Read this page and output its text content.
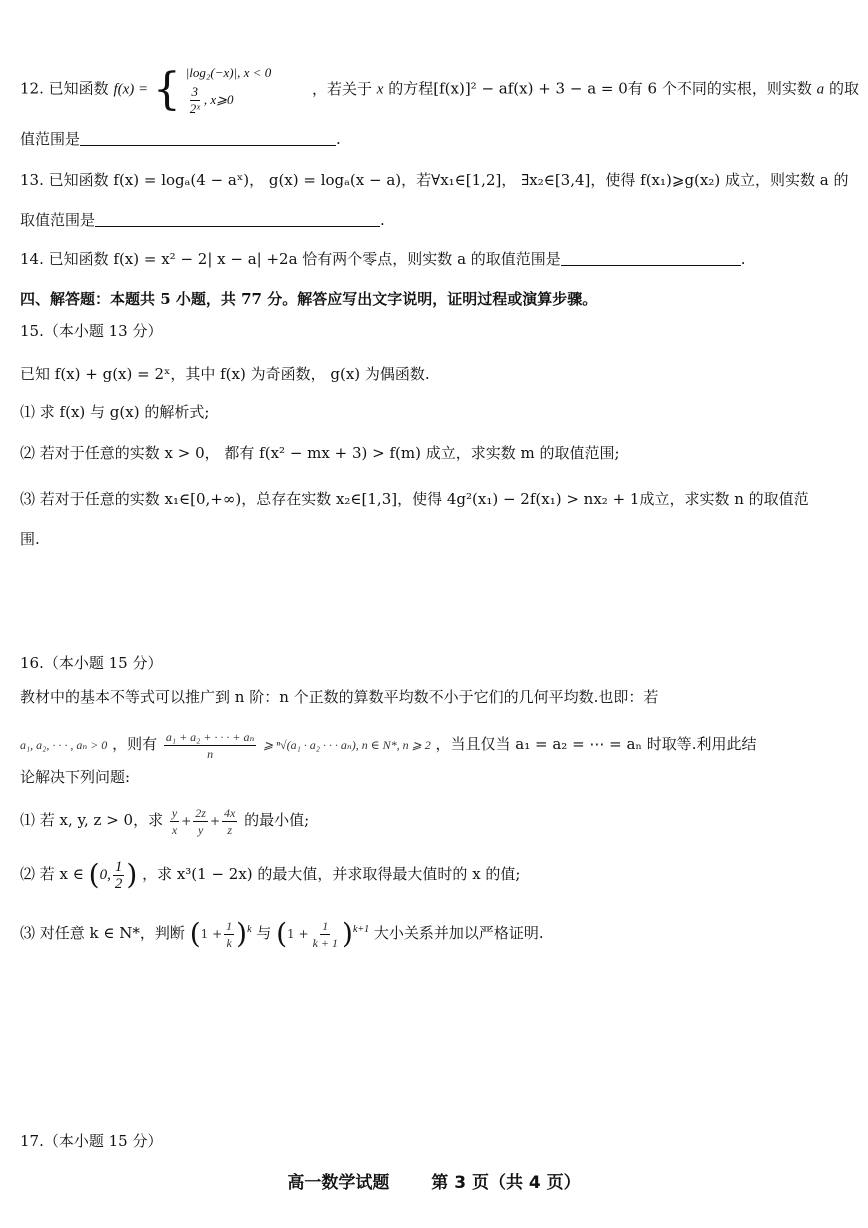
12. 已知函数 f(x) = { |log₂(−x)|, x < 0
$\frac{3}{\text{2ˣ}}$ , x⩾0
，若关于 x 的方程[f(x)]² − af(x) + 3 − a = 0有 6 个不同的实根，则实数 a 的取
值范围是	.
13. 已知函数 f(x) = logₐ(4 − aˣ)， g(x) = logₐ(x − a)，若∀x₁∈[1,2]， ∃x₂∈[3,4]，使得 f(x₁)⩾g(x₂) 成立，则实数 a 的
取值范围是	.
14. 已知函数 f(x) = x² − 2| x − a| +2a 恰有两个零点，则实数 a 的取值范围是	.
四、解答题：本题共 5 小题，共 77 分。解答应写出文字说明，证明过程或演算步骤。
15.（本小题 13 分）
已知 f(x) + g(x) = 2ˣ，其中 f(x) 为奇函数， g(x) 为偶函数.
⑴ 求 f(x) 与 g(x) 的解析式;
⑵ 若对于任意的实数 x > 0， 都有 f(x² − mx + 3) > f(m) 成立，求实数 m 的取值范围;
⑶ 若对于任意的实数 x₁∈[0,+∞)，总存在实数 x₂∈[1,3]，使得 4g²(x₁) − 2f(x₁) > nx₂ + 1成立，求实数 n 的取值范
围.
16.（本小题 15 分）
教材中的基本不等式可以推广到 n 阶：n 个正数的算数平均数不小于它们的几何平均数.也即：若
a₁, a₂, · · · , aₙ > 0 ，则有 $\frac{\text{a₁ + a₂ + · · · + aₙ}}{n}$ ⩾ ⁿ√(a₁ · a₂ · · · aₙ), n ∈ N*, n ⩾ 2 ，当且仅当 a₁ = a₂ = ⋯ = aₙ 时取等.利用此结
论解决下列问题:
⑴ 若 x, y, z > 0，求 $\frac{y}{x} + \frac{2z}{y} + \frac{4x}{z}$ 的最小值;
⑵ 若 x ∈ (0, $\frac{1}{2}$ ) ，求 x³(1 − 2x) 的最大值，并求取得最大值时的 x 的值;
⑶ 对任意 k ∈ N*，判断 $(1 + \frac{1}{k} )^k$ 与 $(1 + \frac{1}{k + 1} )^{k+1}$ 大小关系并加以严格证明.
17.（本小题 15 分）
高一数学试题 第 3 页（共 4 页）
